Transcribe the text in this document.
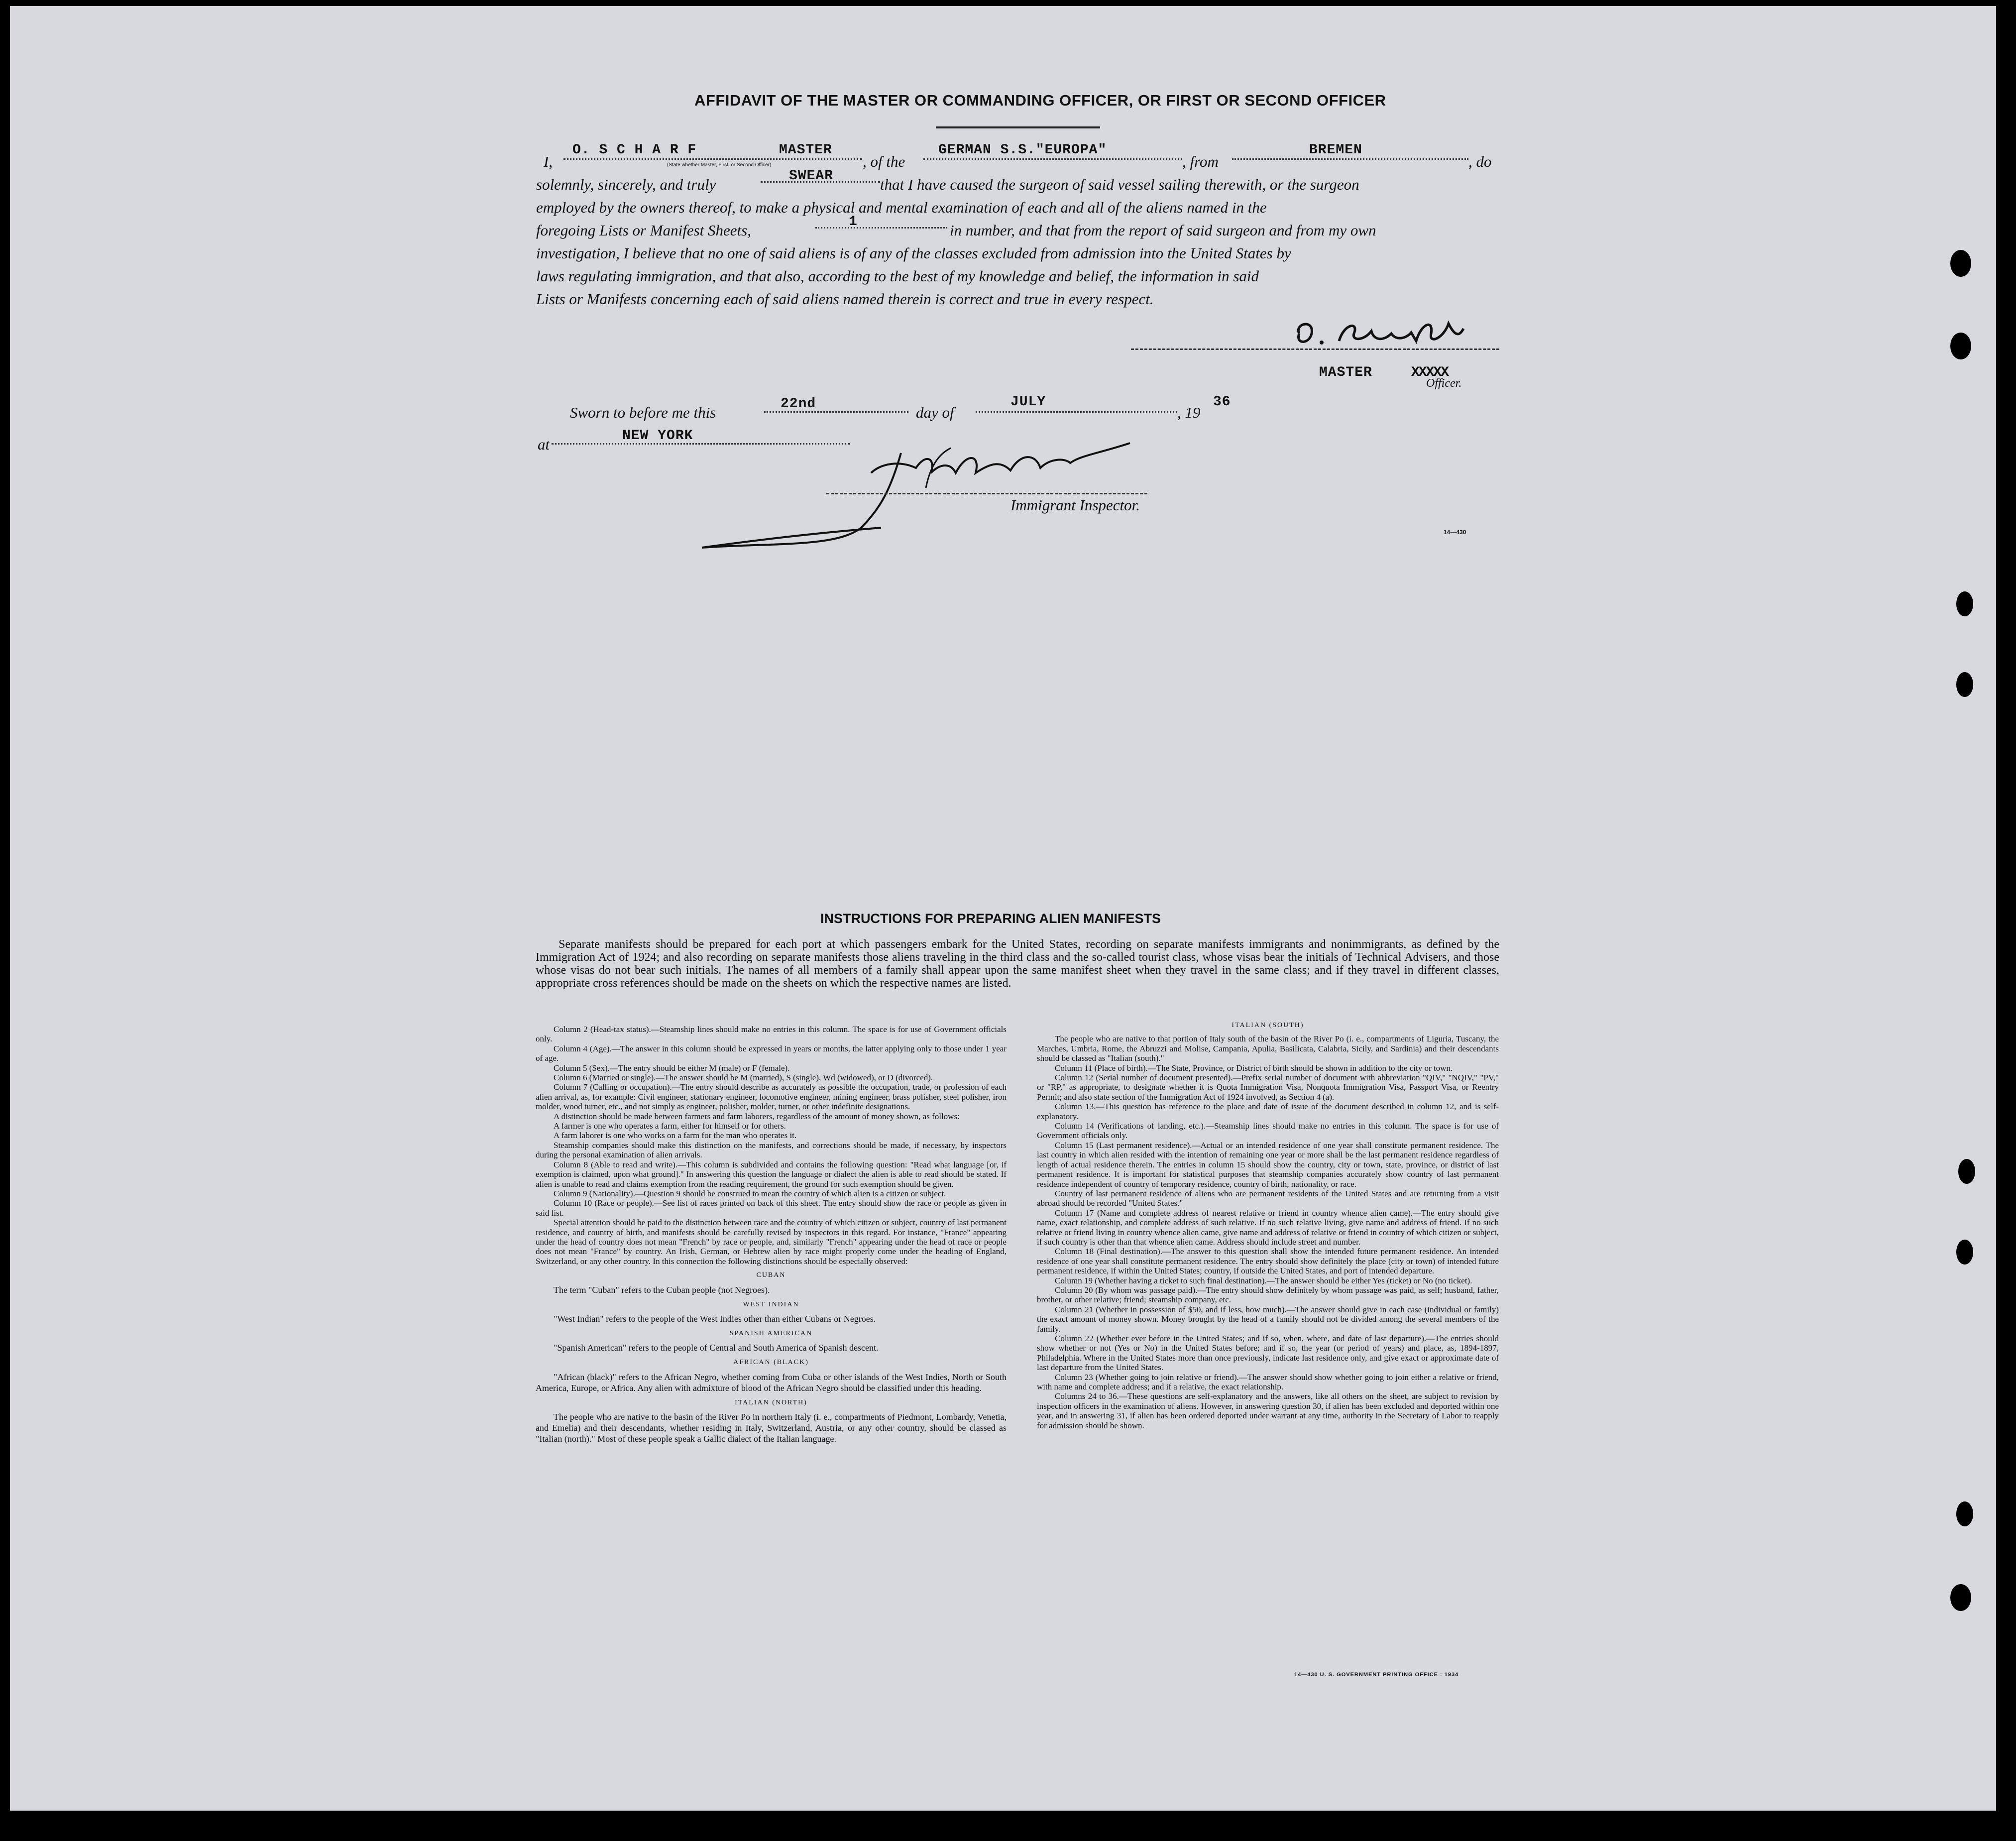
AFFIDAVIT OF THE MASTER OR COMMANDING OFFICER, OR FIRST OR SECOND OFFICER
I,
O. S C H A R F	MASTER
(State whether Master, First, or Second Officer)	, of the
GERMAN S.S."EUROPA"
, from
BREMEN
, do
solemnly, sincerely, and truly	SWEAR	that I have caused the surgeon of said vessel sailing therewith, or the surgeon
employed by the owners thereof, to make a physical and mental examination of each and all of the aliens named in the
foregoing Lists or Manifest Sheets,	1	in number, and that from the report of said surgeon and from my own
investigation, I believe that no one of said aliens is of any of the classes excluded from admission into the United States by
laws regulating immigration, and that also, according to the best of my knowledge and belief, the information in said
Lists or Manifests concerning each of said aliens named therein is correct and true in every respect.
MASTER	XXXXX
Officer.
Sworn to before me this	22nd	day of
JULY
, 19
36
at	NEW YORK
Immigrant Inspector.
14—430
INSTRUCTIONS FOR PREPARING ALIEN MANIFESTS
Separate manifests should be prepared for each port at which passengers embark for the United States, recording on separate manifests immigrants and nonimmigrants, as defined by the Immigration Act of 1924; and also recording on separate manifests those aliens traveling in the third class and the so-called tourist class, whose visas bear the initials of Technical Advisers, and those whose visas do not bear such initials. The names of all members of a family shall appear upon the same manifest sheet when they travel in the same class; and if they travel in different classes, appropriate cross references should be made on the sheets on which the respective names are listed.

Column 2 (Head-tax status).—Steamship lines should make no entries in this column. The space is for use of Government officials only.

Column 4 (Age).—The answer in this column should be expressed in years or months, the latter applying only to those under 1 year of age.

Column 5 (Sex).—The entry should be either M (male) or F (female).

Column 6 (Married or single).—The answer should be M (married), S (single), Wd (widowed), or D (divorced).

Column 7 (Calling or occupation).—The entry should describe as accurately as possible the occupation, trade, or profession of each alien arrival, as, for example: Civil engineer, stationary engineer, locomotive engineer, mining engineer, brass polisher, steel polisher, iron molder, wood turner, etc., and not simply as engineer, polisher, molder, turner, or other indefinite designations.

A distinction should be made between farmers and farm laborers, regardless of the amount of money shown, as follows:

A farmer is one who operates a farm, either for himself or for others.

A farm laborer is one who works on a farm for the man who operates it.

Steamship companies should make this distinction on the manifests, and corrections should be made, if necessary, by inspectors during the personal examination of alien arrivals.

Column 8 (Able to read and write).—This column is subdivided and contains the following question: "Read what language [or, if exemption is claimed, upon what ground]." In answering this question the language or dialect the alien is able to read should be stated. If alien is unable to read and claims exemption from the reading requirement, the ground for such exemption should be given.

Column 9 (Nationality).—Question 9 should be construed to mean the country of which alien is a citizen or subject.

Column 10 (Race or people).—See list of races printed on back of this sheet. The entry should show the race or people as given in said list.

Special attention should be paid to the distinction between race and the country of which citizen or subject, country of last permanent residence, and country of birth, and manifests should be carefully revised by inspectors in this regard. For instance, "France" appearing under the head of country does not mean "French" by race or people, and, similarly "French" appearing under the head of race or people does not mean "France" by country. An Irish, German, or Hebrew alien by race might properly come under the heading of England, Switzerland, or any other country. In this connection the following distinctions should be especially observed:

CUBAN

The term "Cuban" refers to the Cuban people (not Negroes).

WEST INDIAN

"West Indian" refers to the people of the West Indies other than either Cubans or Negroes.

SPANISH AMERICAN

"Spanish American" refers to the people of Central and South America of Spanish descent.

AFRICAN (BLACK)

"African (black)" refers to the African Negro, whether coming from Cuba or other islands of the West Indies, North or South America, Europe, or Africa. Any alien with admixture of blood of the African Negro should be classified under this heading.

ITALIAN (NORTH)

The people who are native to the basin of the River Po in northern Italy (i. e., compartments of Piedmont, Lombardy, Venetia, and Emelia) and their descendants, whether residing in Italy, Switzerland, Austria, or any other country, should be classed as "Italian (north)." Most of these people speak a Gallic dialect of the Italian language.

ITALIAN (SOUTH)

The people who are native to that portion of Italy south of the basin of the River Po (i. e., compartments of Liguria, Tuscany, the Marches, Umbria, Rome, the Abruzzi and Molise, Campania, Apulia, Basilicata, Calabria, Sicily, and Sardinia) and their descendants should be classed as "Italian (south)."

Column 11 (Place of birth).—The State, Province, or District of birth should be shown in addition to the city or town.

Column 12 (Serial number of document presented).—Prefix serial number of document with abbreviation "QIV," "NQIV," "PV," or "RP," as appropriate, to designate whether it is Quota Immigration Visa, Nonquota Immigration Visa, Passport Visa, or Reentry Permit; and also state section of the Immigration Act of 1924 involved, as Section 4 (a).

Column 13.—This question has reference to the place and date of issue of the document described in column 12, and is self-explanatory.

Column 14 (Verifications of landing, etc.).—Steamship lines should make no entries in this column. The space is for use of Government officials only.

Column 15 (Last permanent residence).—Actual or an intended residence of one year shall constitute permanent residence. The last country in which alien resided with the intention of remaining one year or more shall be the last permanent residence regardless of length of actual residence therein. The entries in column 15 should show the country, city or town, state, province, or district of last permanent residence. It is important for statistical purposes that steamship companies accurately show country of last permanent residence independent of country of temporary residence, country of birth, nationality, or race.

Country of last permanent residence of aliens who are permanent residents of the United States and are returning from a visit abroad should be recorded "United States."

Column 17 (Name and complete address of nearest relative or friend in country whence alien came).—The entry should give name, exact relationship, and complete address of such relative. If no such relative living, give name and address of friend. If no such relative or friend living in country whence alien came, give name and address of relative or friend in country of which citizen or subject, if such country is other than that whence alien came. Address should include street and number.

Column 18 (Final destination).—The answer to this question shall show the intended future permanent residence. An intended residence of one year shall constitute permanent residence. The entry should show definitely the place (city or town) of intended future permanent residence, if within the United States; country, if outside the United States, and port of intended departure.

Column 19 (Whether having a ticket to such final destination).—The answer should be either Yes (ticket) or No (no ticket).

Column 20 (By whom was passage paid).—The entry should show definitely by whom passage was paid, as self; husband, father, brother, or other relative; friend; steamship company, etc.

Column 21 (Whether in possession of $50, and if less, how much).—The answer should give in each case (individual or family) the exact amount of money shown. Money brought by the head of a family should not be divided among the several members of the family.

Column 22 (Whether ever before in the United States; and if so, when, where, and date of last departure).—The entries should show whether or not (Yes or No) in the United States before; and if so, the year (or period of years) and place, as, 1894-1897, Philadelphia. Where in the United States more than once previously, indicate last residence only, and give exact or approximate date of last departure from the United States.

Column 23 (Whether going to join relative or friend).—The answer should show whether going to join either a relative or friend, with name and complete address; and if a relative, the exact relationship.

Columns 24 to 36.—These questions are self-explanatory and the answers, like all others on the sheet, are subject to revision by inspection officers in the examination of aliens. However, in answering question 30, if alien has been excluded and deported within one year, and in answering 31, if alien has been ordered deported under warrant at any time, authority in the Secretary of Labor to reapply for admission should be shown.

14—430 U. S. GOVERNMENT PRINTING OFFICE : 1934
